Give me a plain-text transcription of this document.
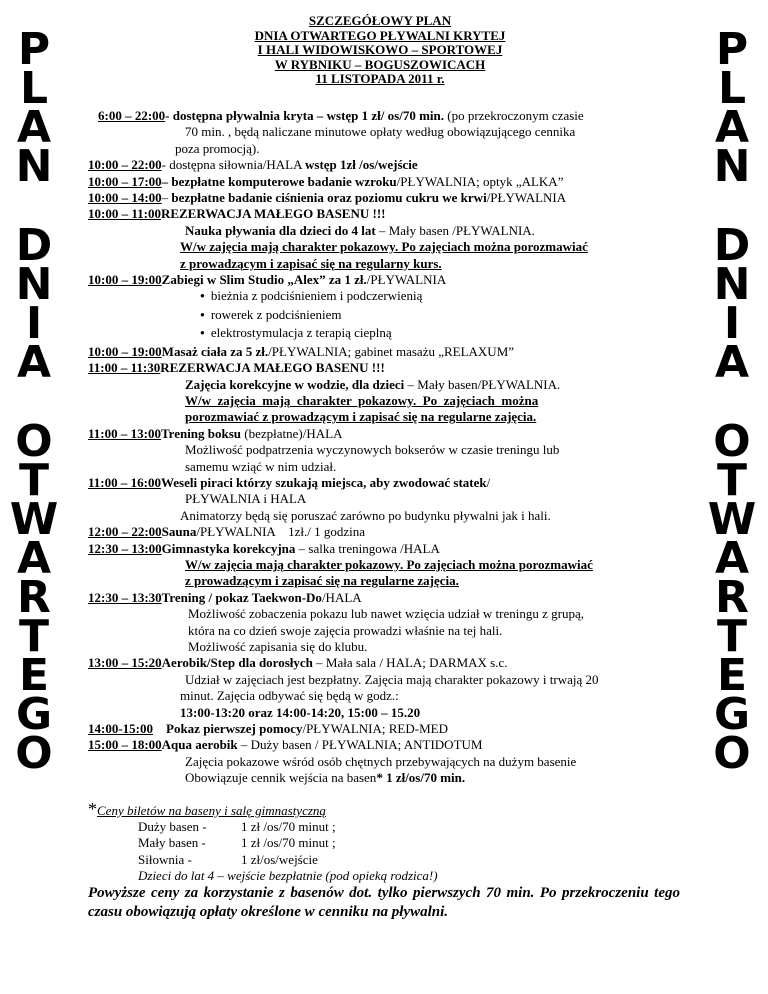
P
L
A
N
D
N
I
A
O
T
W
A
R
T
E
G
O
P
L
A
N
D
N
I
A
O
T
W
A
R
T
E
G
O
SZCZEGÓŁOWY PLAN
DNIA OTWARTEGO PŁYWALNI KRYTEJ
I HALI WIDOWISKOWO – SPORTOWEJ
W RYBNIKU – BOGUSZOWICACH
11 LISTOPADA 2011 r.
6:00 – 22:00 - dostępna pływalnia kryta – wstęp 1 zł/ os/70 min. (po przekroczonym czasie
70 min. , będą naliczane minutowe opłaty według obowiązującego cennika
poza promocją).
10:00 – 22:00 - dostępna siłownia/HALA wstęp 1zł /os/wejście
10:00 – 17:00 – bezpłatne komputerowe badanie wzroku/PŁYWALNIA; optyk „ALKA”
10:00 – 14:00 – bezpłatne badanie ciśnienia oraz poziomu cukru we krwi/PŁYWALNIA
10:00 – 11:00 REZERWACJA MAŁEGO BASENU !!!
Nauka pływania dla dzieci do 4 lat – Mały basen /PŁYWALNIA.
W/w zajęcia mają charakter pokazowy. Po zajęciach można porozmawiać
z prowadzącym i zapisać się na regularny kurs.
10:00 – 19:00 Zabiegi w Slim Studio „Alex” za 1 zł./PŁYWALNIA
● bieżnia z podciśnieniem i podczerwienią
● rowerek z podciśnieniem
● elektrostymulacja z terapią cieplną
10:00 – 19:00 Masaż ciała za 5 zł./PŁYWALNIA; gabinet masażu „RELAXUM”
11:00 – 11:30 REZERWACJA MAŁEGO BASENU !!!
Zajęcia korekcyjne w wodzie, dla dzieci – Mały basen/PŁYWALNIA.
W/w  zajęcia  mają  charakter  pokazowy.  Po  zajęciach  można
porozmawiać z prowadzącym i zapisać się na regularne zajęcia.
11:00 – 13:00 Trening boksu (bezpłatne)/HALA
Możliwość podpatrzenia wyczynowych bokserów w czasie treningu lub
samemu wziąć w nim udział.
11:00 – 16:00 Weseli piraci którzy szukają miejsca, aby zwodować statek/
PŁYWALNIA i HALA
Animatorzy będą się poruszać zarówno po budynku pływalni jak i hali.
12:00 – 22:00 Sauna/PŁYWALNIA    1zł./ 1 godzina
12:30 – 13:00 Gimnastyka korekcyjna – salka treningowa /HALA
W/w zajęcia mają charakter pokazowy. Po zajęciach można porozmawiać
z prowadzącym i zapisać się na regularne zajęcia.
12:30 – 13:30 Trening / pokaz Taekwon-Do/HALA
Możliwość zobaczenia pokazu lub nawet wzięcia udział w treningu z grupą,
która na co dzień swoje zajęcia prowadzi właśnie na tej hali.
Możliwość zapisania się do klubu.
13:00 – 15:20 Aerobik/Step dla dorosłych – Mała sala / HALA; DARMAX s.c.
Udział w zajęciach jest bezpłatny. Zajęcia mają charakter pokazowy i trwają 20
minut. Zajęcia odbywać się będą w godz.:
13:00-13:20 oraz 14:00-14:20, 15:00 – 15.20
14:00-15:00 Pokaz pierwszej pomocy/PŁYWALNIA; RED-MED
15:00 – 18:00 Aqua aerobik – Duży basen / PŁYWALNIA; ANTIDOTUM
Zajęcia pokazowe wśród osób chętnych przebywających na dużym basenie
Obowiązuje cennik wejścia na basen* 1 zł/os/70 min.
*Ceny biletów na baseny i salę gimnastyczną
Duży basen -	1 zł /os/70 minut ;
Mały basen -	1 zł /os/70 minut ;
Siłownia -	1 zł/os/wejście
Dzieci do lat 4 – wejście bezpłatnie (pod opieką rodzica!)
Powyższe ceny za korzystanie z basenów dot. tylko pierwszych 70 min. Po przekroczeniu tego czasu obowiązują opłaty określone w cenniku na pływalni.
